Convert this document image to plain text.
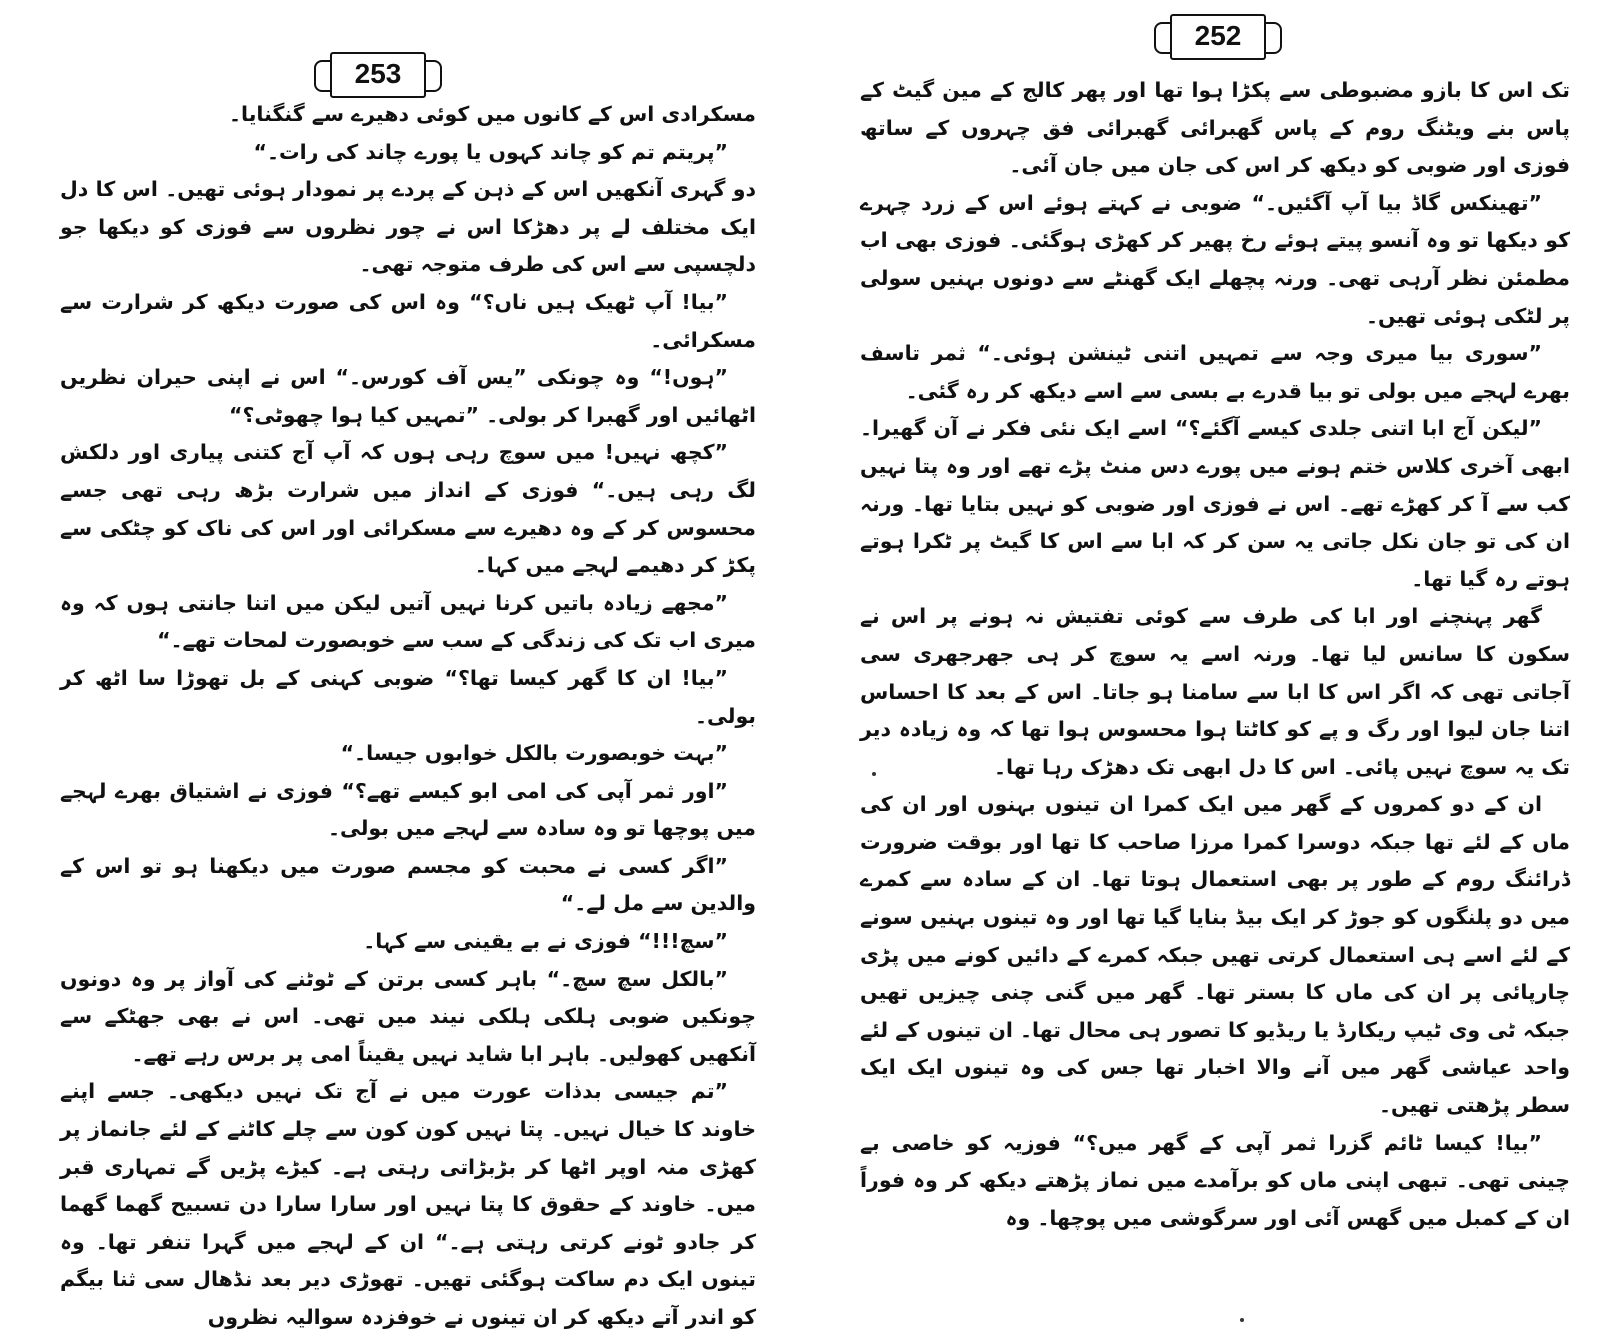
253

مسکرادی اس کے کانوں میں کوئی دھیرے سے گنگنایا۔

”پریتم تم کو چاند کہوں یا پورے چاند کی رات۔“

دو گہری آنکھیں اس کے ذہن کے پردے پر نمودار ہوئی تھیں۔ اس کا دل ایک مختلف لے پر دھڑکا اس نے چور نظروں سے فوزی کو دیکھا جو دلچسپی سے اس کی طرف متوجہ تھی۔

”بیا! آپ ٹھیک ہیں ناں؟“ وہ اس کی صورت دیکھ کر شرارت سے مسکرائی۔

”ہوں!“ وہ چونکی ”یس آف کورس۔“ اس نے اپنی حیران نظریں اٹھائیں اور گھبرا کر بولی۔ ”تمہیں کیا ہوا چھوٹی؟“

”کچھ نہیں! میں سوچ رہی ہوں کہ آپ آج کتنی پیاری اور دلکش لگ رہی ہیں۔“ فوزی کے انداز میں شرارت بڑھ رہی تھی جسے محسوس کر کے وہ دھیرے سے مسکرائی اور اس کی ناک کو چٹکی سے پکڑ کر دھیمے لہجے میں کہا۔

”مجھے زیادہ باتیں کرنا نہیں آتیں لیکن میں اتنا جانتی ہوں کہ وہ میری اب تک کی زندگی کے سب سے خوبصورت لمحات تھے۔“

”بیا! ان کا گھر کیسا تھا؟“ ضوبی کہنی کے بل تھوڑا سا اٹھ کر بولی۔

”بہت خوبصورت بالکل خوابوں جیسا۔“

”اور ثمر آپی کی امی ابو کیسے تھے؟“ فوزی نے اشتیاق بھرے لہجے میں پوچھا تو وہ سادہ سے لہجے میں بولی۔

”اگر کسی نے محبت کو مجسم صورت میں دیکھنا ہو تو اس کے والدین سے مل لے۔“

”سچ!!!“ فوزی نے بے یقینی سے کہا۔

”بالکل سچ سچ۔“ باہر کسی برتن کے ٹوٹنے کی آواز پر وہ دونوں چونکیں ضوبی ہلکی ہلکی نیند میں تھی۔ اس نے بھی جھٹکے سے آنکھیں کھولیں۔ باہر ابا شاید نہیں یقیناً امی پر برس رہے تھے۔

”تم جیسی بدذات عورت میں نے آج تک نہیں دیکھی۔ جسے اپنے خاوند کا خیال نہیں۔ پتا نہیں کون کون سے چلے کاٹنے کے لئے جانماز پر کھڑی منہ اوپر اٹھا کر بڑبڑاتی رہتی ہے۔ کیڑے پڑیں گے تمہاری قبر میں۔ خاوند کے حقوق کا پتا نہیں اور سارا سارا دن تسبیح گھما گھما کر جادو ٹونے کرتی رہتی ہے۔“ ان کے لہجے میں گہرا تنفر تھا۔ وہ تینوں ایک دم ساکت ہوگئی تھیں۔ تھوڑی دیر بعد نڈھال سی ثنا بیگم کو اندر آتے دیکھ کر ان تینوں نے خوفزدہ سوالیہ نظروں

252

تک اس کا بازو مضبوطی سے پکڑا ہوا تھا اور پھر کالج کے مین گیٹ کے پاس بنے ویٹنگ روم کے پاس گھبرائی گھبرائی فق چہروں کے ساتھ فوزی اور ضوبی کو دیکھ کر اس کی جان میں جان آئی۔

”تھینکس گاڈ بیا آپ آگئیں۔“ ضوبی نے کہتے ہوئے اس کے زرد چہرے کو دیکھا تو وہ آنسو پیتے ہوئے رخ پھیر کر کھڑی ہوگئی۔ فوزی بھی اب مطمئن نظر آرہی تھی۔ ورنہ پچھلے ایک گھنٹے سے دونوں بہنیں سولی پر لٹکی ہوئی تھیں۔

”سوری بیا میری وجہ سے تمہیں اتنی ٹینشن ہوئی۔“ ثمر تاسف بھرے لہجے میں بولی تو بیا قدرے بے بسی سے اسے دیکھ کر رہ گئی۔

”لیکن آج ابا اتنی جلدی کیسے آگئے؟“ اسے ایک نئی فکر نے آن گھیرا۔ ابھی آخری کلاس ختم ہونے میں پورے دس منٹ پڑے تھے اور وہ پتا نہیں کب سے آ کر کھڑے تھے۔ اس نے فوزی اور ضوبی کو نہیں بتایا تھا۔ ورنہ ان کی تو جان نکل جاتی یہ سن کر کہ ابا سے اس کا گیٹ پر ٹکرا ہوتے ہوتے رہ گیا تھا۔

گھر پہنچنے اور ابا کی طرف سے کوئی تفتیش نہ ہونے پر اس نے سکون کا سانس لیا تھا۔ ورنہ اسے یہ سوچ کر ہی جھرجھری سی آجاتی تھی کہ اگر اس کا ابا سے سامنا ہو جاتا۔ اس کے بعد کا احساس اتنا جان لیوا اور رگ و پے کو کاٹتا ہوا محسوس ہوا تھا کہ وہ زیادہ دیر تک یہ سوچ نہیں پائی۔ اس کا دل ابھی تک دھڑک رہا تھا۔

ان کے دو کمروں کے گھر میں ایک کمرا ان تینوں بہنوں اور ان کی ماں کے لئے تھا جبکہ دوسرا کمرا مرزا صاحب کا تھا اور بوقت ضرورت ڈرائنگ روم کے طور پر بھی استعمال ہوتا تھا۔ ان کے سادہ سے کمرے میں دو پلنگوں کو جوڑ کر ایک بیڈ بنایا گیا تھا اور وہ تینوں بہنیں سونے کے لئے اسے ہی استعمال کرتی تھیں جبکہ کمرے کے دائیں کونے میں پڑی چارپائی پر ان کی ماں کا بستر تھا۔ گھر میں گنی چنی چیزیں تھیں جبکہ ٹی وی ٹیپ ریکارڈ یا ریڈیو کا تصور ہی محال تھا۔ ان تینوں کے لئے واحد عیاشی گھر میں آنے والا اخبار تھا جس کی وہ تینوں ایک ایک سطر پڑھتی تھیں۔

”بیا! کیسا ٹائم گزرا ثمر آپی کے گھر میں؟“ فوزیہ کو خاصی بے چینی تھی۔ تبھی اپنی ماں کو برآمدے میں نماز پڑھتے دیکھ کر وہ فوراً ان کے کمبل میں گھس آئی اور سرگوشی میں پوچھا۔ وہ
